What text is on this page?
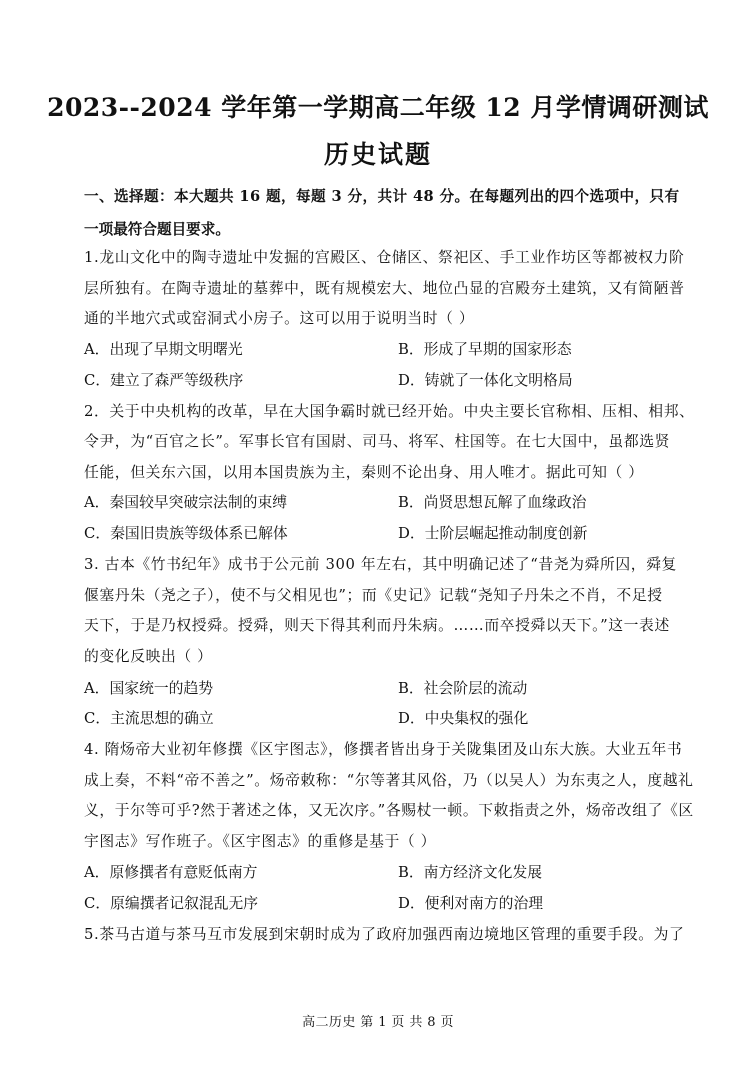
2023--2024 学年第一学期高二年级 12 月学情调研测试
历史试题
一、选择题：本大题共 16 题，每题 3 分，共计 48 分。在每题列出的四个选项中，只有
一项最符合题目要求。
1.龙山文化中的陶寺遗址中发掘的宫殿区、仓储区、祭祀区、手工业作坊区等都被权力阶
层所独有。在陶寺遗址的墓葬中，既有规模宏大、地位凸显的宫殿夯土建筑，又有简陋普
通的半地穴式或窑洞式小房子。这可以用于说明当时（ ）
A．出现了早期文明曙光	B．形成了早期的国家形态
C．建立了森严等级秩序	D．铸就了一体化文明格局
2．关于中央机构的改革，早在大国争霸时就已经开始。中央主要长官称相、压相、相邦、
令尹，为“百官之长”。军事长官有国尉、司马、将军、柱国等。在七大国中，虽都选贤
任能，但关东六国，以用本国贵族为主，秦则不论出身、用人唯才。据此可知（ ）
A．秦国较早突破宗法制的束缚	B．尚贤思想瓦解了血缘政治
C．秦国旧贵族等级体系已解体	D．士阶层崛起推动制度创新
3. 古本《竹书纪年》成书于公元前 300 年左右，其中明确记述了“昔尧为舜所囚，舜复
偃塞丹朱（尧之子），使不与父相见也”；而《史记》记载“尧知子丹朱之不肖，不足授
天下，于是乃权授舜。授舜，则天下得其利而丹朱病。……而卒授舜以天下。”这一表述
的变化反映出（ ）
A．国家统一的趋势	B．社会阶层的流动
C．主流思想的确立	D．中央集权的强化
4. 隋炀帝大业初年修撰《区宇图志》，修撰者皆出身于关陇集团及山东大族。大业五年书
成上奏，不料“帝不善之”。炀帝敕称：“尔等著其风俗，乃（以吴人）为东夷之人，度越礼
义，于尔等可乎?然于著述之体，又无次序。”各赐杖一顿。下敕指责之外，炀帝改组了《区
宇图志》写作班子。《区宇图志》的重修是基于（ ）
A．原修撰者有意贬低南方	B．南方经济文化发展
C．原编撰者记叙混乱无序	D．便利对南方的治理
5.茶马古道与茶马互市发展到宋朝时成为了政府加强西南边境地区管理的重要手段。为了
高二历史 第 1 页 共 8 页
